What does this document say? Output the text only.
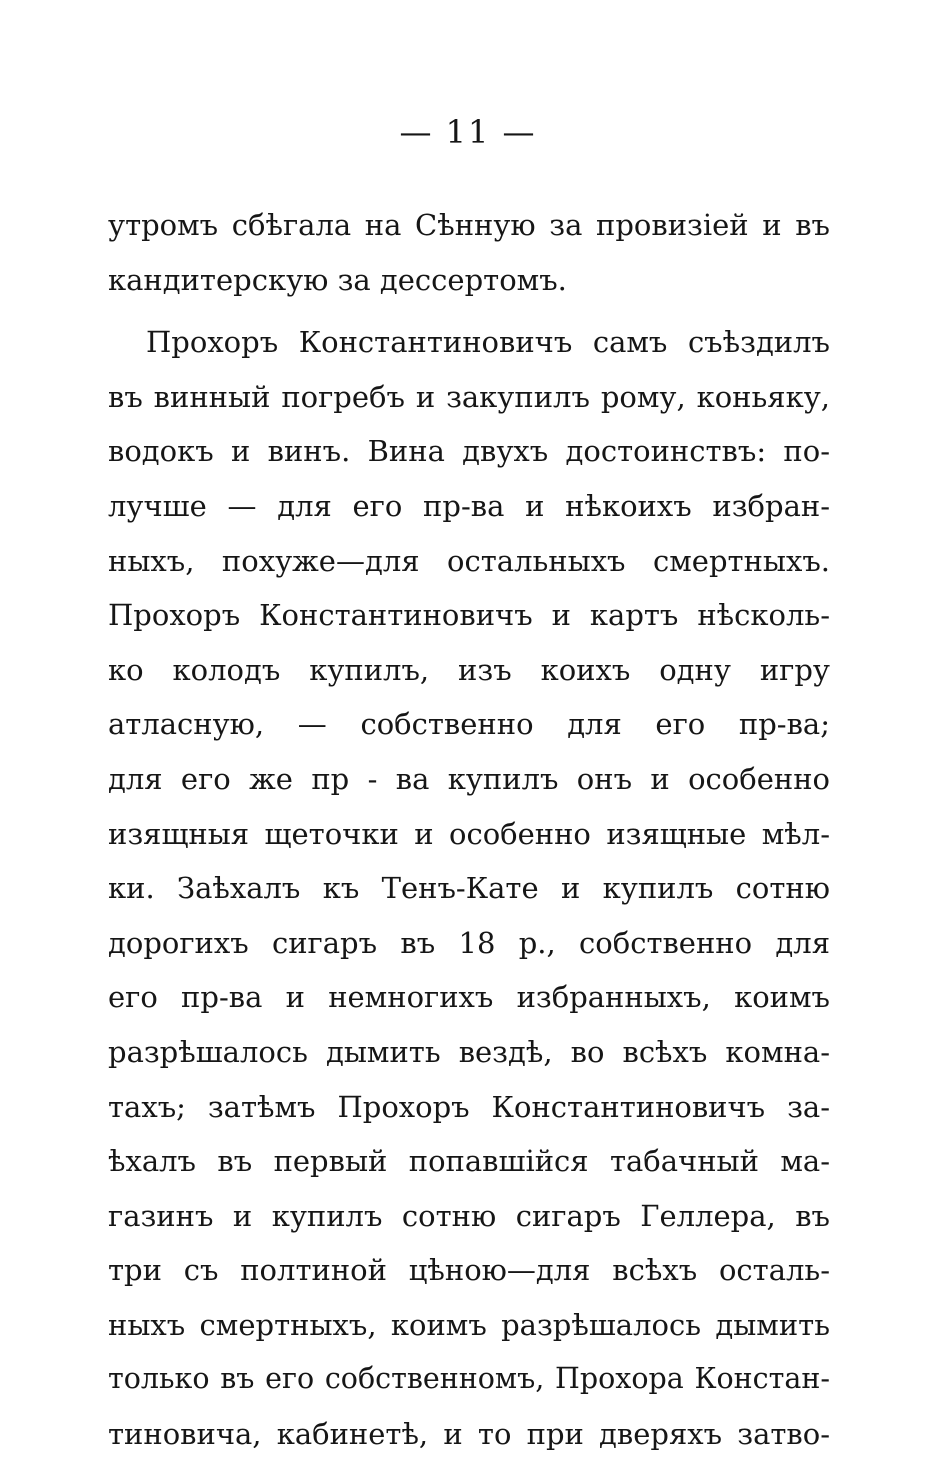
— 11 —
утромъ сбѣгала на Сѣнную за провизіей и въ
кандитерскую за дессертомъ.
Прохоръ Константиновичъ самъ съѣздилъ
въ винный погребъ и закупилъ рому, коньяку,
водокъ и винъ. Вина двухъ достоинствъ: по-
лучше — для его пр-ва и нѣкоихъ избран-
ныхъ, похуже—для остальныхъ смертныхъ.
Прохоръ Константиновичъ и картъ нѣсколь-
ко колодъ купилъ, изъ коихъ одну игру
атласную, — собственно для его пр-ва;
для его же пр - ва купилъ онъ и особенно
изящныя щеточки и особенно изящные мѣл-
ки. Заѣхалъ къ Тенъ-Кате и купилъ сотню
дорогихъ сигаръ въ 18 р., собственно для
его пр-ва и немногихъ избранныхъ, коимъ
разрѣшалось дымить вездѣ, во всѣхъ комна-
тахъ; затѣмъ Прохоръ Константиновичъ за-
ѣхалъ въ первый попавшійся табачный ма-
газинъ и купилъ сотню сигаръ Геллера, въ
три съ полтиной цѣною—для всѣхъ осталь-
ныхъ смертныхъ, коимъ разрѣшалось дымить
только въ его собственномъ, Прохора Констан-
тиновича, кабинетѣ, и то при дверяхъ затво-
